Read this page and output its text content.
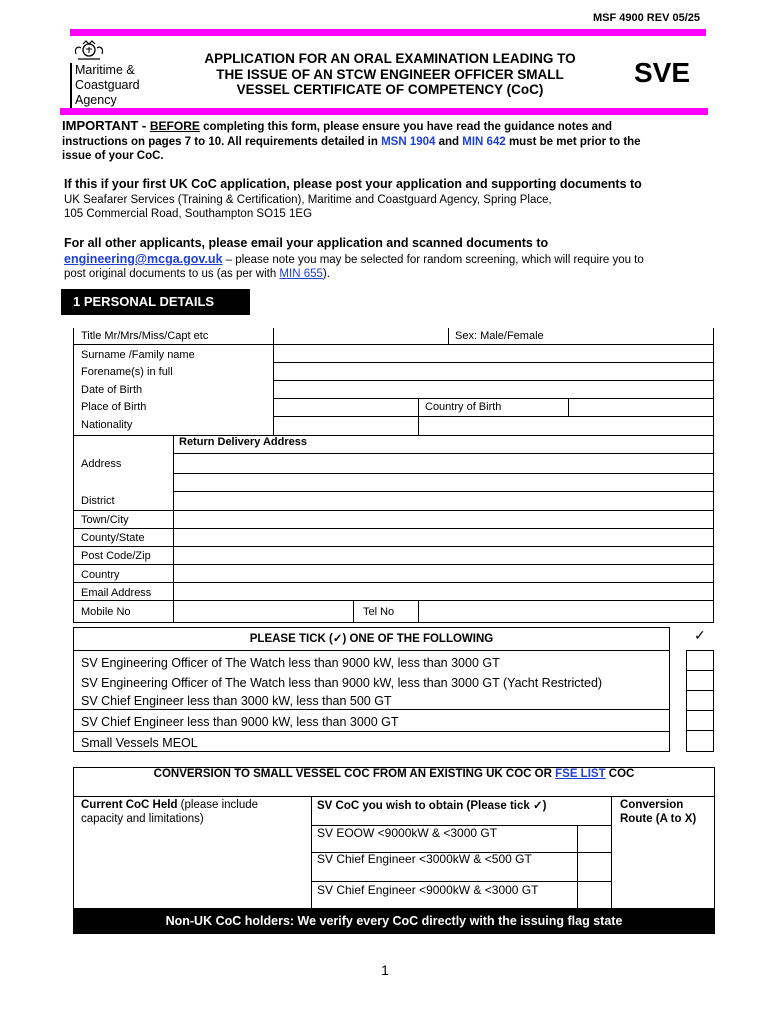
MSF 4900 REV 05/25
Maritime &
Coastguard
Agency
APPLICATION FOR AN ORAL EXAMINATION LEADING TO
THE ISSUE OF AN STCW ENGINEER OFFICER SMALL
VESSEL CERTIFICATE OF COMPETENCY (CoC)
SVE
IMPORTANT - BEFORE completing this form, please ensure you have read the guidance notes and
instructions on pages 7 to 10. All requirements detailed in MSN 1904 and MIN 642 must be met prior to the
issue of your CoC.
If this if your first UK CoC application, please post your application and supporting documents to
UK Seafarer Services (Training & Certification), Maritime and Coastguard Agency, Spring Place,
105 Commercial Road, Southampton SO15 1EG
For all other applicants, please email your application and scanned documents to
engineering@mcga.gov.uk – please note you may be selected for random screening, which will require you to
post original documents to us (as per with MIN 655).
1 PERSONAL DETAILS
Title Mr/Mrs/Miss/Capt etc	Sex: Male/Female
Surname /Family name
Forename(s) in full
Date of Birth
Place of Birth	Country of Birth
Nationality
Return Delivery Address
Address
District
Town/City
County/State
Post Code/Zip
Country
Email Address
Mobile No	Tel No
PLEASE TICK (✓) ONE OF THE FOLLOWING
SV Engineering Officer of The Watch less than 9000 kW, less than 3000 GT
SV Engineering Officer of The Watch less than 9000 kW, less than 3000 GT (Yacht Restricted)
SV Chief Engineer less than 3000 kW, less than 500 GT
SV Chief Engineer less than 9000 kW, less than 3000 GT
Small Vessels MEOL
✓
CONVERSION TO SMALL VESSEL COC FROM AN EXISTING UK COC OR FSE LIST COC
Current CoC Held (please include
capacity and limitations)
SV CoC you wish to obtain (Please tick ✓)	Conversion
Route (A to X)
SV EOOW <9000kW & <3000 GT
SV Chief Engineer <3000kW & <500 GT
SV Chief Engineer <9000kW & <3000 GT
Non-UK CoC holders: We verify every CoC directly with the issuing flag state
1
